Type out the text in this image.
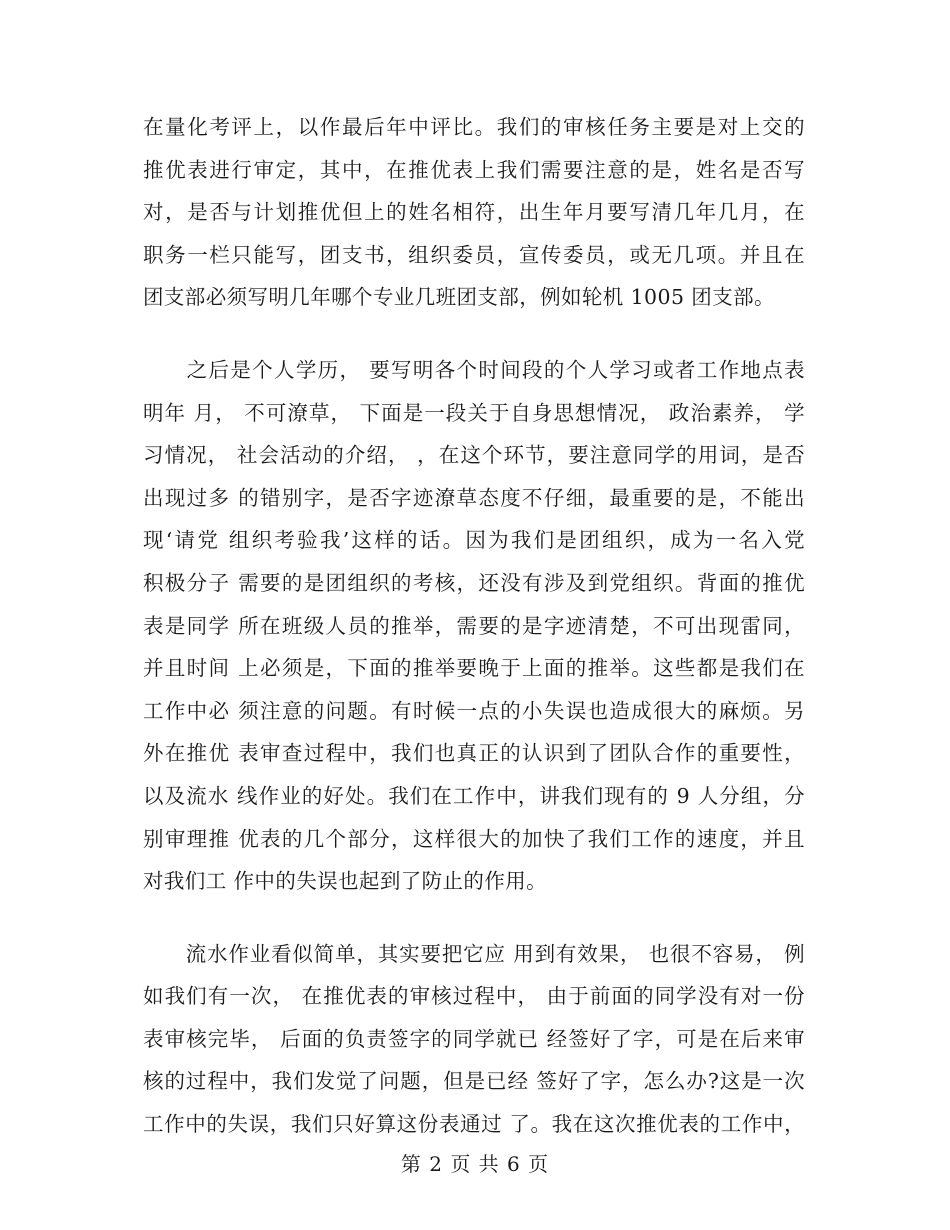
在量化考评上，以作最后年中评比。我们的审核任务主要是对上交的
推优表进行审定，其中，在推优表上我们需要注意的是，姓名是否写
对，是否与计划推优但上的姓名相符，出生年月要写清几年几月，在
职务一栏只能写，团支书，组织委员，宣传委员，或无几项。并且在
团支部必须写明几年哪个专业几班团支部，例如轮机 1005 团支部。
　　之后是个人学历， 要写明各个时间段的个人学习或者工作地点表
明年 月， 不可潦草， 下面是一段关于自身思想情况， 政治素养， 学
习情况， 社会活动的介绍， ，在这个环节，要注意同学的用词，是否
出现过多 的错别字，是否字迹潦草态度不仔细，最重要的是，不能出
现‘请党 组织考验我’这样的话。因为我们是团组织，成为一名入党
积极分子 需要的是团组织的考核，还没有涉及到党组织。背面的推优
表是同学 所在班级人员的推举，需要的是字迹清楚，不可出现雷同，
并且时间 上必须是，下面的推举要晚于上面的推举。这些都是我们在
工作中必 须注意的问题。有时候一点的小失误也造成很大的麻烦。另
外在推优 表审查过程中，我们也真正的认识到了团队合作的重要性，
以及流水 线作业的好处。我们在工作中，讲我们现有的 9 人分组，分
别审理推 优表的几个部分，这样很大的加快了我们工作的速度，并且
对我们工 作中的失误也起到了防止的作用。
　　流水作业看似简单，其实要把它应 用到有效果， 也很不容易， 例
如我们有一次， 在推优表的审核过程中， 由于前面的同学没有对一份
表审核完毕， 后面的负责签字的同学就已 经签好了字，可是在后来审
核的过程中，我们发觉了问题，但是已经 签好了字，怎么办?这是一次
工作中的失误，我们只好算这份表通过 了。我在这次推优表的工作中，
第 2 页 共 6 页
